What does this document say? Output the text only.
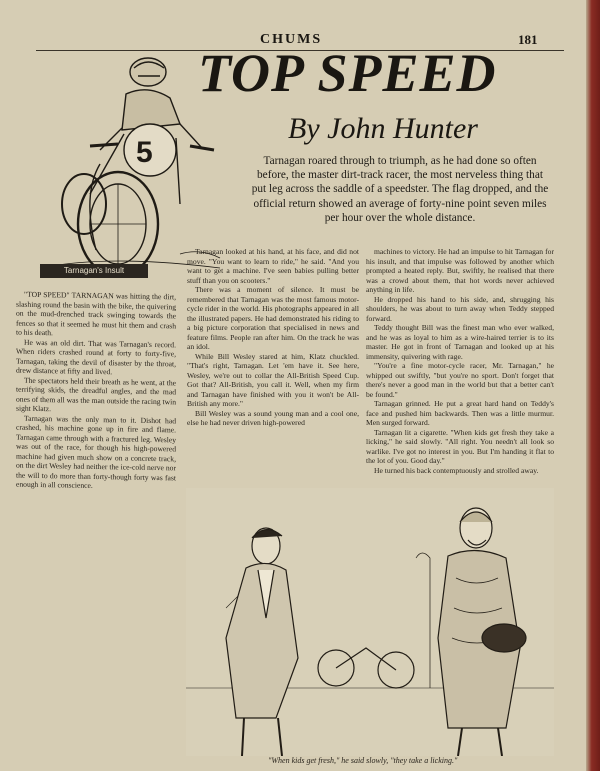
CHUMS	181
5
Tarnagan's Insult
TOP SPEED
By John Hunter
Tarnagan roared through to triumph, as he had done so often before, the master dirt-track racer, the most nerveless thing that put leg across the saddle of a speedster. The flag dropped, and the official return showed an average of forty-nine point seven miles per hour over the whole distance.

"TOP SPEED" TARNAGAN was hitting the dirt, slashing round the basin with the bike, the quivering on the mud-drenched track swinging towards the fences so that it seemed he must hit them and crash to his death.

He was an old dirt. That was Tarnagan's record. When riders crashed round at forty to forty-five, Tarnagan, taking the devil of disaster by the throat, drew distance at fifty and lived.

The spectators held their breath as he went, at the terrifying skids, the dreadful angles, and the mad ones of them all was the man outside the racing twin sight Klatz.

Tarnagan was the only man to it. Dishot had crashed, his machine gone up in fire and flame. Tarnagan came through with a fractured leg. Wesley was out of the race, for though his high-powered machine had given much show on a concrete track, on the dirt Wesley had neither the ice-cold nerve nor the will to do more than forty-though forty was fast enough in all conscience.

Tarnagan looked at his hand, at his face, and did not move. "You want to learn to ride," he said. "And you want to get a machine. I've seen babies pulling better stuff than you on scooters."

There was a moment of silence. It must be remembered that Tarnagan was the most famous motor-cycle rider in the world. His photographs appeared in all the illustrated papers. He had demonstrated his riding to a big picture corporation that specialised in news and feature films. People ran after him. On the track he was an idol.

While Bill Wesley stared at him, Klatz chuckled. "That's right, Tarnagan. Let 'em have it. See here, Wesley, we're out to collar the All-British Speed Cup. Got that? All-British, you call it. Well, when my firm and Tarnagan have finished with you it won't be All-British any more."

Bill Wesley was a sound young man and a cool one, else he had never driven high-powered

machines to victory. He had an impulse to hit Tarnagan for his insult, and that impulse was followed by another which prompted a heated reply. But, swiftly, he realised that there was a crowd about them, that hot words never achieved anything in life.

He dropped his hand to his side, and, shrugging his shoulders, he was about to turn away when Teddy stepped forward.

Teddy thought Bill was the finest man who ever walked, and he was as loyal to him as a wire-haired terrier is to its master. He got in front of Tarnagan and looked up at his immensity, quivering with rage.

"You're a fine motor-cycle racer, Mr. Tarnagan," he whipped out swiftly, "but you're no sport. Don't forget that there's never a good man in the world but that a better can't be found."

Tarnagan grinned. He put a great hard hand on Teddy's face and pushed him backwards. Then was a little murmur. Men surged forward.

Tarnagan lit a cigarette. "When kids get fresh they take a licking," he said slowly. "All right. You needn't all look so warlike. I've got no interest in you. But I'm handing it flat to the lot of you. Good day."

He turned his back contemptuously and strolled away.

"When kids get fresh," he said slowly, "they take a licking."
